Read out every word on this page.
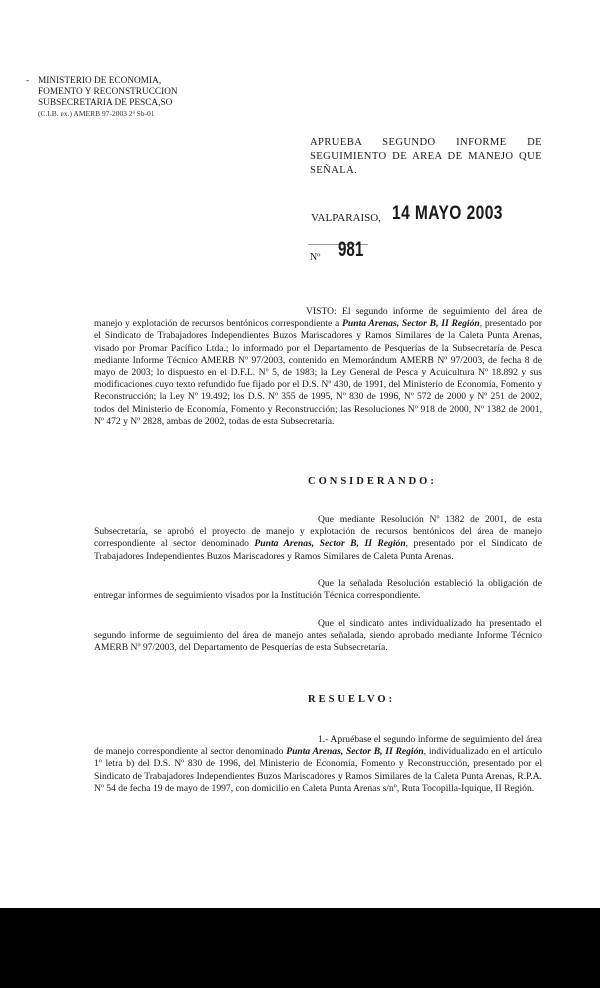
- MINISTERIO DE ECONOMIA,
FOMENTO Y RECONSTRUCCION
SUBSECRETARIA DE PESCA,SO
(C.I.B. ex.) AMERB 97-2003 2ª Sb-01
APRUEBA SEGUNDO INFORME DE SEGUIMIENTO DE AREA DE MANEJO QUE SEÑALA.
VALPARAISO, 14 MAYO 2003
Nº 981
VISTO: El segundo informe de seguimiento del área de manejo y explotación de recursos bentónicos correspondiente a Punta Arenas, Sector B, II Región, presentado por el Sindicato de Trabajadores Independientes Buzos Mariscadores y Ramos Similares de la Caleta Punta Arenas, visado por Promar Pacífico Ltda.; lo informado por el Departamento de Pesquerías de la Subsecretaría de Pesca mediante Informe Técnico AMERB Nº 97/2003, contenido en Memorándum AMERB Nº 97/2003, de fecha 8 de mayo de 2003; lo dispuesto en el D.F.L. Nº 5, de 1983; la Ley General de Pesca y Acuicultura Nº 18.892 y sus modificaciones cuyo texto refundido fue fijado por el D.S. Nº 430, de 1991, del Ministerio de Economía, Fomento y Reconstrucción; la Ley Nº 19.492; los D.S. Nº 355 de 1995, Nº 830 de 1996, Nº 572 de 2000 y Nº 251 de 2002, todos del Ministerio de Economía, Fomento y Reconstrucción; las Resoluciones Nº 918 de 2000, Nº 1382 de 2001, Nº 472 y Nº 2828, ambas de 2002, todas de esta Subsecretaría.
CONSIDERANDO:
Que mediante Resolución Nº 1382 de 2001, de esta Subsecretaría, se aprobó el proyecto de manejo y explotación de recursos bentónicos del área de manejo correspondiente al sector denominado Punta Arenas, Sector B, II Región, presentado por el Sindicato de Trabajadores Independientes Buzos Mariscadores y Ramos Similares de Caleta Punta Arenas.
Que la señalada Resolución estableció la obligación de entregar informes de seguimiento visados por la Institución Técnica correspondiente.
Que el sindicato antes individualizado ha presentado el segundo informe de seguimiento del área de manejo antes señalada, siendo aprobado mediante Informe Técnico AMERB Nº 97/2003, del Departamento de Pesquerías de esta Subsecretaría.
RESUELVO:
1.- Apruébase el segundo informe de seguimiento del área de manejo correspondiente al sector denominado Punta Arenas, Sector B, II Región, individualizado en el artículo 1º letra b) del D.S. Nº 830 de 1996, del Ministerio de Economía, Fomento y Reconstrucción, presentado por el Sindicato de Trabajadores Independientes Buzos Mariscadores y Ramos Similares de la Caleta Punta Arenas, R.P.A. Nº 54 de fecha 19 de mayo de 1997, con domicilio en Caleta Punta Arenas s/nº, Ruta Tocopilla-Iquique, II Región.
